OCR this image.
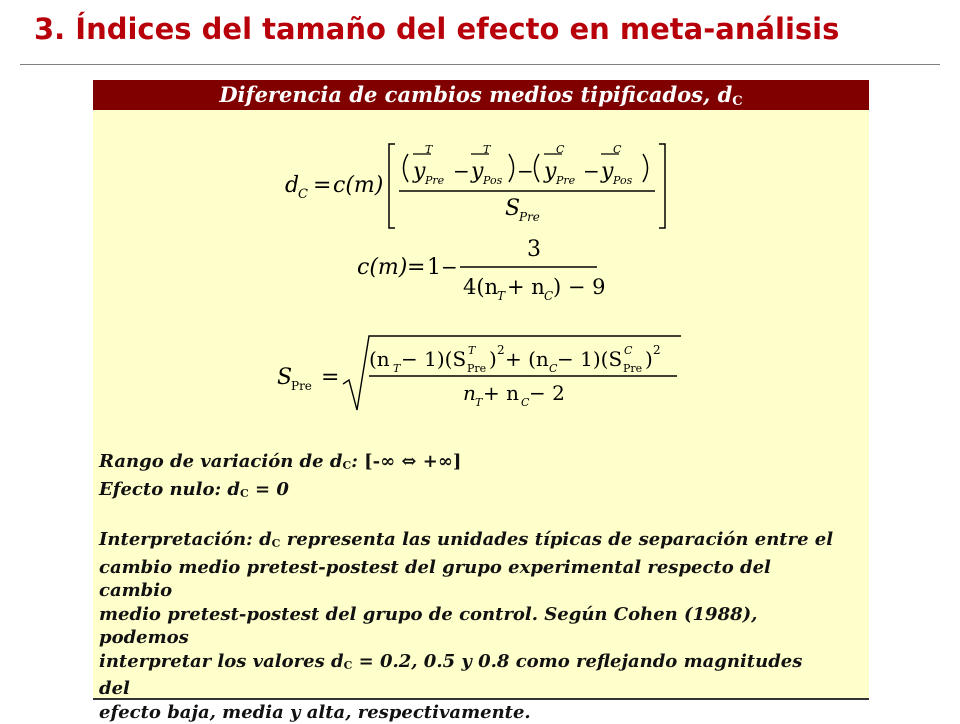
3. Índices del tamaño del efecto en meta-análisis
Diferencia de cambios medios tipificados, $d_C$
d
C = c(m)
y
T
Pre − y
T
Pos − y
C
Pre − y
C
Pos
S
Pre
c(m) = 1 −
3
4(n
T + n C ) − 9
S
Pre =
(n T − 1)(S T
Pre ) 2 + (n C − 1)(S C
Pre ) 2
n T + n C − 2

Rango de variación de $d_C$: [-∞ ⇔ +∞]

Efecto nulo: $d_C = 0$

Interpretación: $d_C$ representa las unidades típicas de separación entre el

cambio medio pretest-postest del grupo experimental respecto del cambio

medio pretest-postest del grupo de control. Según Cohen (1988), podemos

interpretar los valores $d_C = 0.2$, 0.5 y 0.8 como reflejando magnitudes del

efecto baja, media y alta, respectivamente.
